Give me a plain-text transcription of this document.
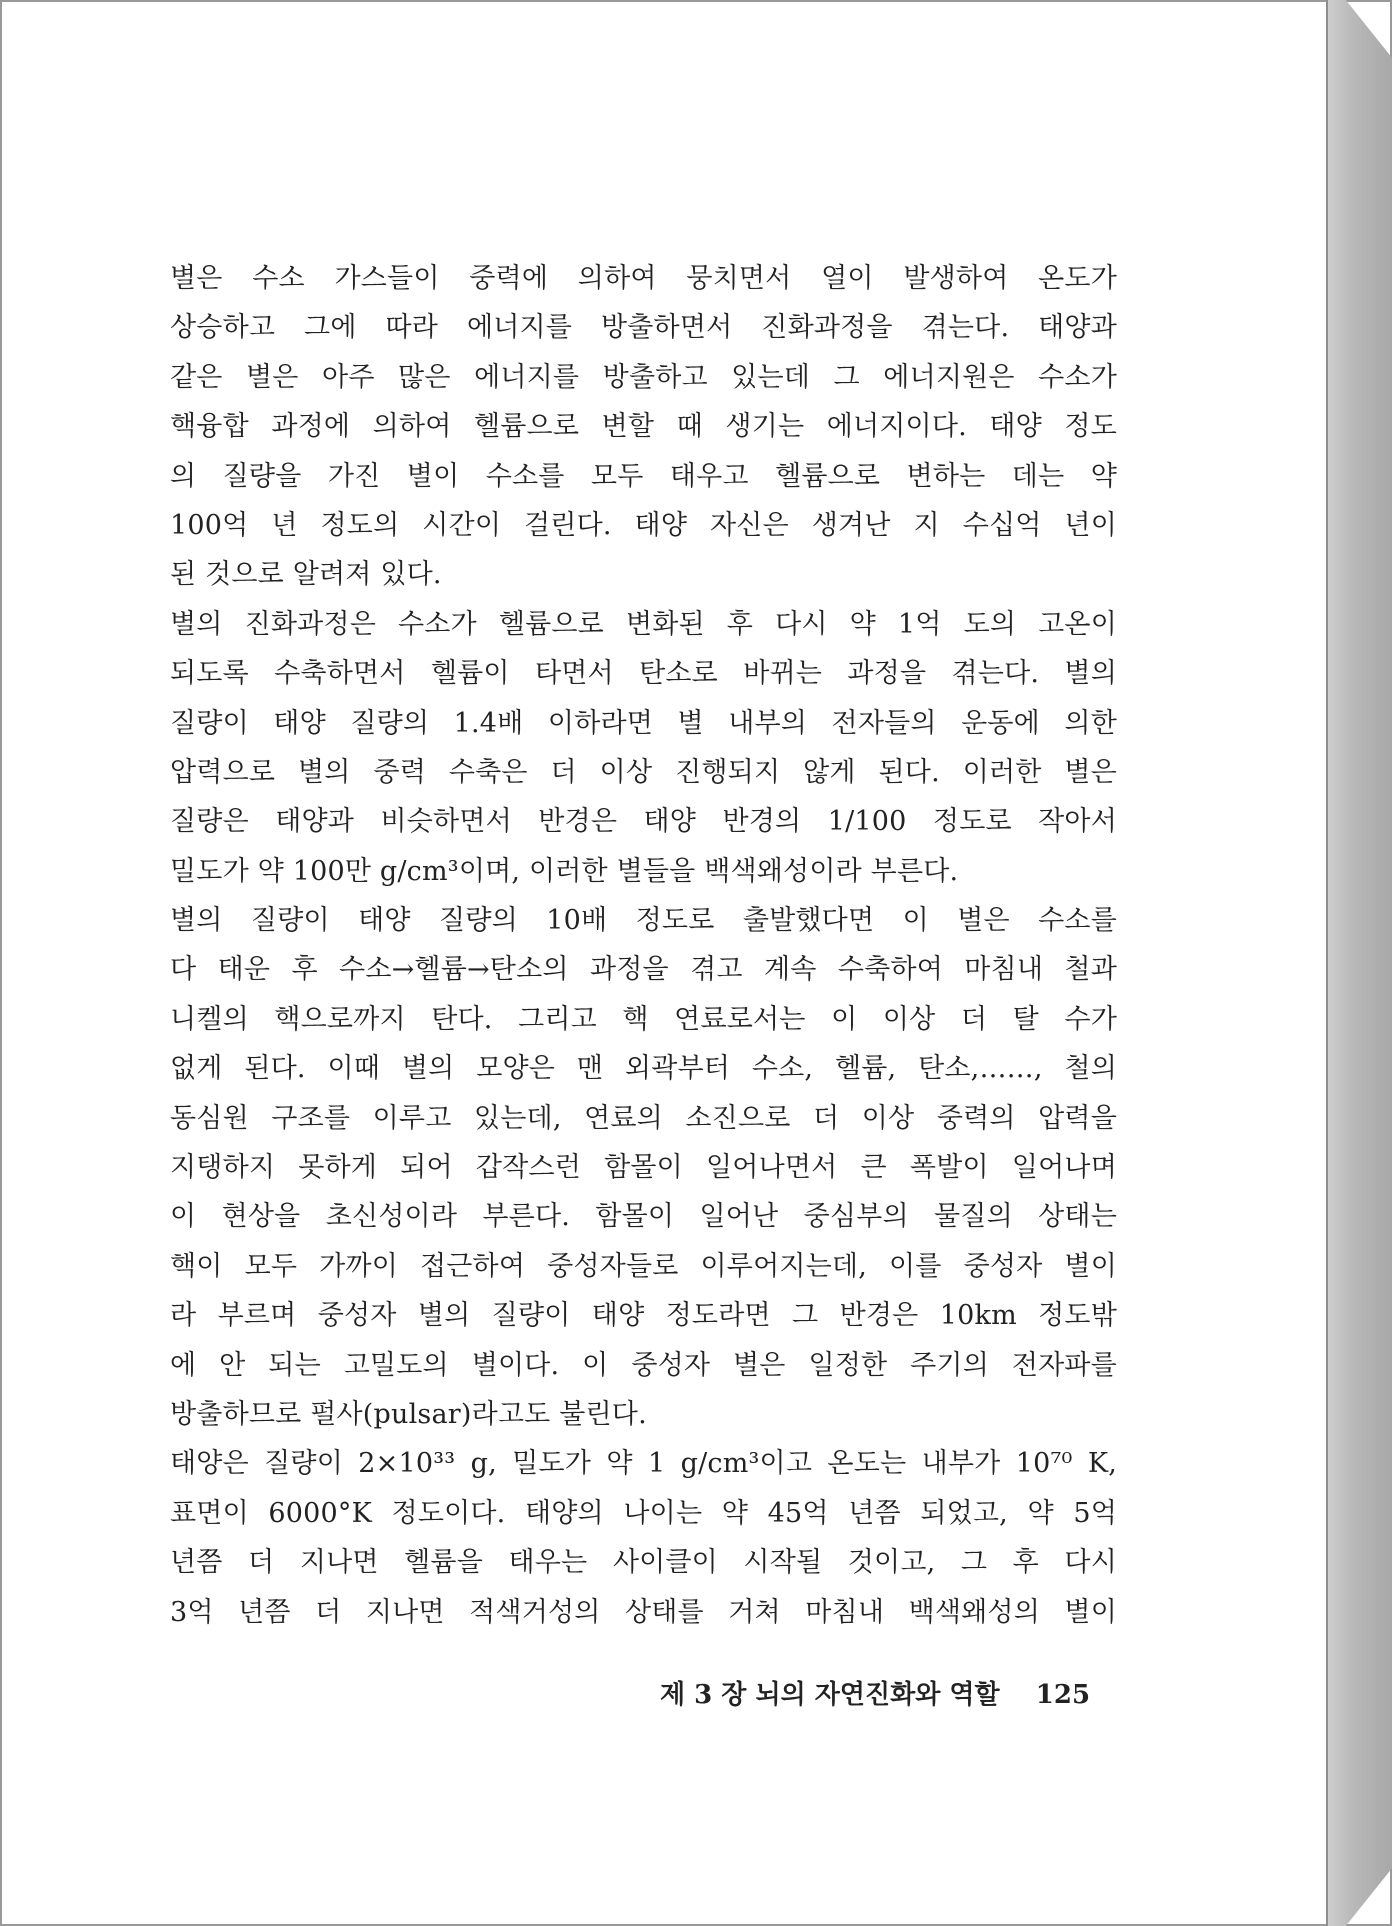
별은 수소 가스들이 중력에 의하여 뭉치면서 열이 발생하여 온도가
상승하고 그에 따라 에너지를 방출하면서 진화과정을 겪는다. 태양과
같은 별은 아주 많은 에너지를 방출하고 있는데 그 에너지원은 수소가
핵융합 과정에 의하여 헬륨으로 변할 때 생기는 에너지이다. 태양 정도
의 질량을 가진 별이 수소를 모두 태우고 헬륨으로 변하는 데는 약
100억 년 정도의 시간이 걸린다. 태양 자신은 생겨난 지 수십억 년이
된 것으로 알려져 있다.
별의 진화과정은 수소가 헬륨으로 변화된 후 다시 약 1억 도의 고온이
되도록 수축하면서 헬륨이 타면서 탄소로 바뀌는 과정을 겪는다. 별의
질량이 태양 질량의 1.4배 이하라면 별 내부의 전자들의 운동에 의한
압력으로 별의 중력 수축은 더 이상 진행되지 않게 된다. 이러한 별은
질량은 태양과 비슷하면서 반경은 태양 반경의 1/100 정도로 작아서
밀도가 약 100만 g/cm³이며, 이러한 별들을 백색왜성이라 부른다.
별의 질량이 태양 질량의 10배 정도로 출발했다면 이 별은 수소를
다 태운 후 수소→헬륨→탄소의 과정을 겪고 계속 수축하여 마침내 철과
니켈의 핵으로까지 탄다. 그리고 핵 연료로서는 이 이상 더 탈 수가
없게 된다. 이때 별의 모양은 맨 외곽부터 수소, 헬륨, 탄소,……, 철의
동심원 구조를 이루고 있는데, 연료의 소진으로 더 이상 중력의 압력을
지탱하지 못하게 되어 갑작스런 함몰이 일어나면서 큰 폭발이 일어나며
이 현상을 초신성이라 부른다. 함몰이 일어난 중심부의 물질의 상태는
핵이 모두 가까이 접근하여 중성자들로 이루어지는데, 이를 중성자 별이
라 부르며 중성자 별의 질량이 태양 정도라면 그 반경은 10km 정도밖
에 안 되는 고밀도의 별이다. 이 중성자 별은 일정한 주기의 전자파를
방출하므로 펄사(pulsar)라고도 불린다.
태양은 질량이 2×10³³ g, 밀도가 약 1 g/cm³이고 온도는 내부가 10⁷⁰ K,
표면이 6000°K 정도이다. 태양의 나이는 약 45억 년쯤 되었고, 약 5억
년쯤 더 지나면 헬륨을 태우는 사이클이 시작될 것이고, 그 후 다시
3억 년쯤 더 지나면 적색거성의 상태를 거쳐 마침내 백색왜성의 별이
제 3 장 뇌의 자연진화와 역할 125
